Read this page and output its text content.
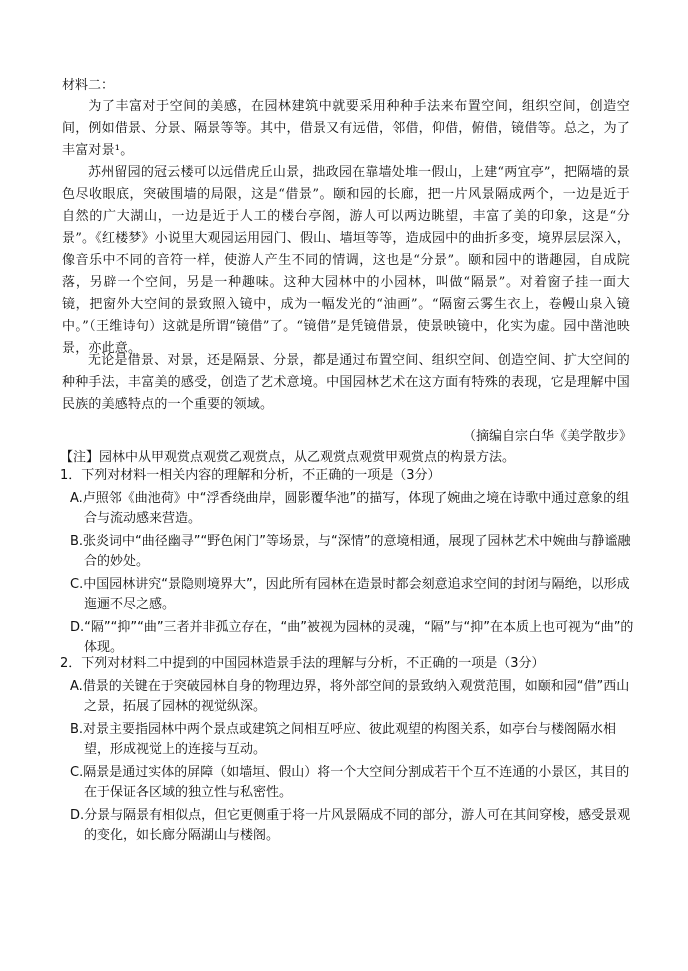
材料二：
为了丰富对于空间的美感，在园林建筑中就要采用种种手法来布置空间，组织空间，创造空间，例如借景、分景、隔景等等。其中，借景又有远借，邻借，仰借，俯借，镜借等。总之，为了丰富对景¹。
苏州留园的冠云楼可以远借虎丘山景，拙政园在靠墙处堆一假山，上建“两宜亭”，把隔墙的景色尽收眼底，突破围墙的局限，这是“借景”。颐和园的长廊，把一片风景隔成两个，一边是近于自然的广大湖山，一边是近于人工的楼台亭阁，游人可以两边眺望，丰富了美的印象，这是“分景”。《红楼梦》小说里大观园运用园门、假山、墙垣等等，造成园中的曲折多变，境界层层深入，像音乐中不同的音符一样，使游人产生不同的情调，这也是“分景”。颐和园中的谐趣园，自成院落，另辟一个空间，另是一种趣味。这种大园林中的小园林，叫做“隔景”。对着窗子挂一面大镜，把窗外大空间的景致照入镜中，成为一幅发光的“油画”。“隔窗云雾生衣上，卷幔山泉入镜中。”（王维诗句）这就是所谓“镜借”了。“镜借”是凭镜借景，使景映镜中，化实为虚。园中凿池映景，亦此意。
无论是借景、对景，还是隔景、分景，都是通过布置空间、组织空间、创造空间、扩大空间的种种手法，丰富美的感受，创造了艺术意境。中国园林艺术在这方面有特殊的表现，它是理解中国民族的美感特点的一个重要的领域。
（摘编自宗白华《美学散步》
【注】园林中从甲观赏点观赏乙观赏点，从乙观赏点观赏甲观赏点的构景方法。
1．下列对材料一相关内容的理解和分析，不正确的一项是（3分）
A.卢照邻《曲池荷》中“浮香绕曲岸，圆影覆华池”的描写，体现了婉曲之境在诗歌中通过意象的组合与流动感来营造。
B.张炎词中“曲径幽寻”“野色闲门”等场景，与“深情”的意境相通，展现了园林艺术中婉曲与静谧融合的妙处。
C.中国园林讲究“景隐则境界大”，因此所有园林在造景时都会刻意追求空间的封闭与隔绝，以形成迤逦不尽之感。
D.“隔”“抑”“曲”三者并非孤立存在，“曲”被视为园林的灵魂，“隔”与“抑”在本质上也可视为“曲”的体现。
2．下列对材料二中提到的中国园林造景手法的理解与分析，不正确的一项是（3分）
A.借景的关键在于突破园林自身的物理边界，将外部空间的景致纳入观赏范围，如颐和园“借”西山之景，拓展了园林的视觉纵深。
B.对景主要指园林中两个景点或建筑之间相互呼应、彼此观望的构图关系，如亭台与楼阁隔水相望，形成视觉上的连接与互动。
C.隔景是通过实体的屏障（如墙垣、假山）将一个大空间分割成若干个互不连通的小景区，其目的在于保证各区域的独立性与私密性。
D.分景与隔景有相似点，但它更侧重于将一片风景隔成不同的部分，游人可在其间穿梭，感受景观的变化，如长廊分隔湖山与楼阁。
